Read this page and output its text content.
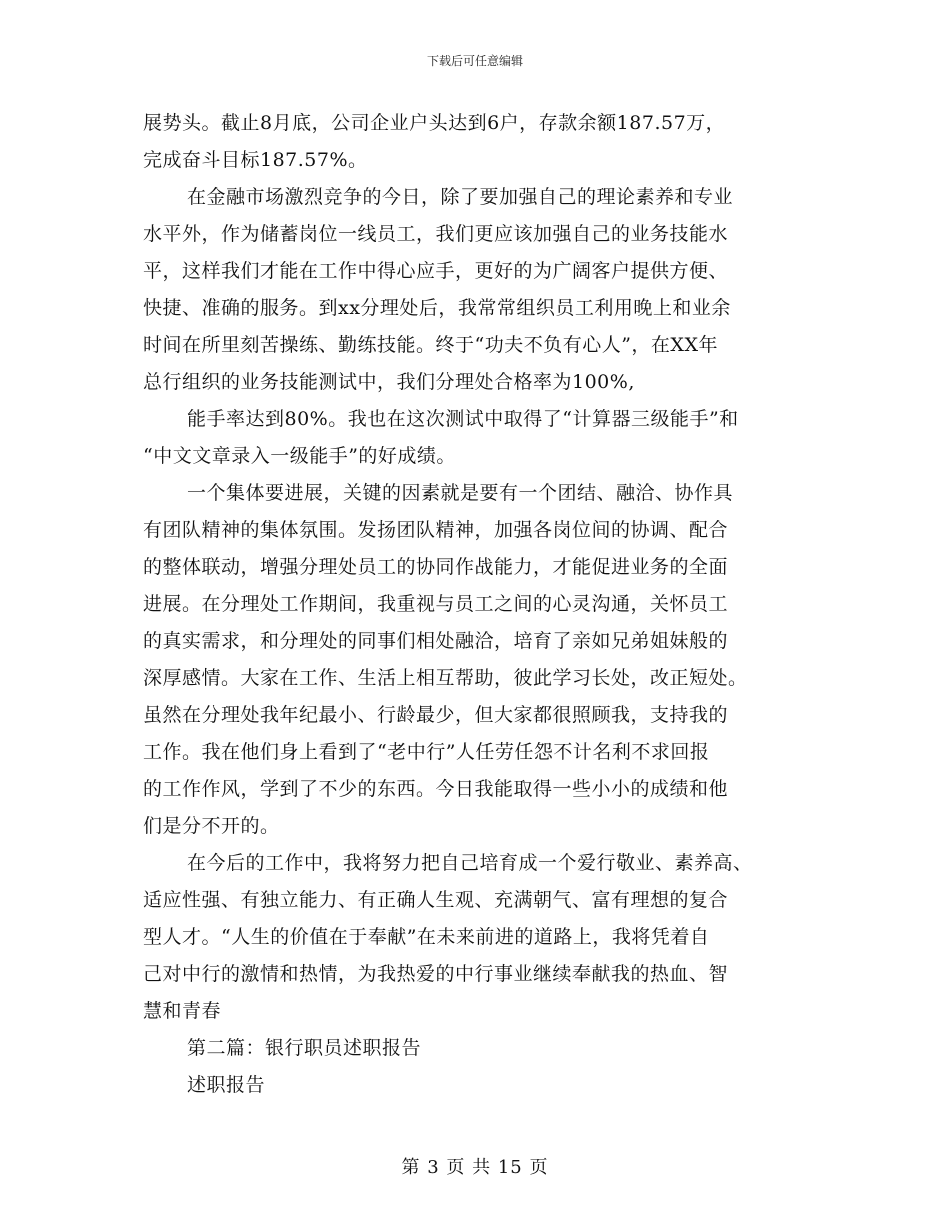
下载后可任意编辑

展势头。截止8月底，公司企业户头达到6户，存款余额187.57万，
完成奋斗目标187.57%。

在金融市场激烈竞争的今日，除了要加强自己的理论素养和专业
水平外，作为储蓄岗位一线员工，我们更应该加强自己的业务技能水
平，这样我们才能在工作中得心应手，更好的为广阔客户提供方便、
快捷、准确的服务。到xx分理处后，我常常组织员工利用晚上和业余
时间在所里刻苦操练、勤练技能。终于“功夫不负有心人”，在XX年
总行组织的业务技能测试中，我们分理处合格率为100%,

能手率达到80%。我也在这次测试中取得了“计算器三级能手”和
“中文文章录入一级能手”的好成绩。

一个集体要进展，关键的因素就是要有一个团结、融洽、协作具
有团队精神的集体氛围。发扬团队精神，加强各岗位间的协调、配合
的整体联动，增强分理处员工的协同作战能力，才能促进业务的全面
进展。在分理处工作期间，我重视与员工之间的心灵沟通，关怀员工
的真实需求，和分理处的同事们相处融洽，培育了亲如兄弟姐妹般的
深厚感情。大家在工作、生活上相互帮助，彼此学习长处，改正短处。
虽然在分理处我年纪最小、行龄最少，但大家都很照顾我，支持我的
工作。我在他们身上看到了“老中行”人任劳任怨不计名利不求回报
的工作作风，学到了不少的东西。今日我能取得一些小小的成绩和他
们是分不开的。

在今后的工作中，我将努力把自己培育成一个爱行敬业、素养高、
适应性强、有独立能力、有正确人生观、充满朝气、富有理想的复合
型人才。“人生的价值在于奉献”在未来前进的道路上，我将凭着自
己对中行的激情和热情，为我热爱的中行事业继续奉献我的热血、智
慧和青春

第二篇：银行职员述职报告

述职报告

第 3 页 共 15 页
